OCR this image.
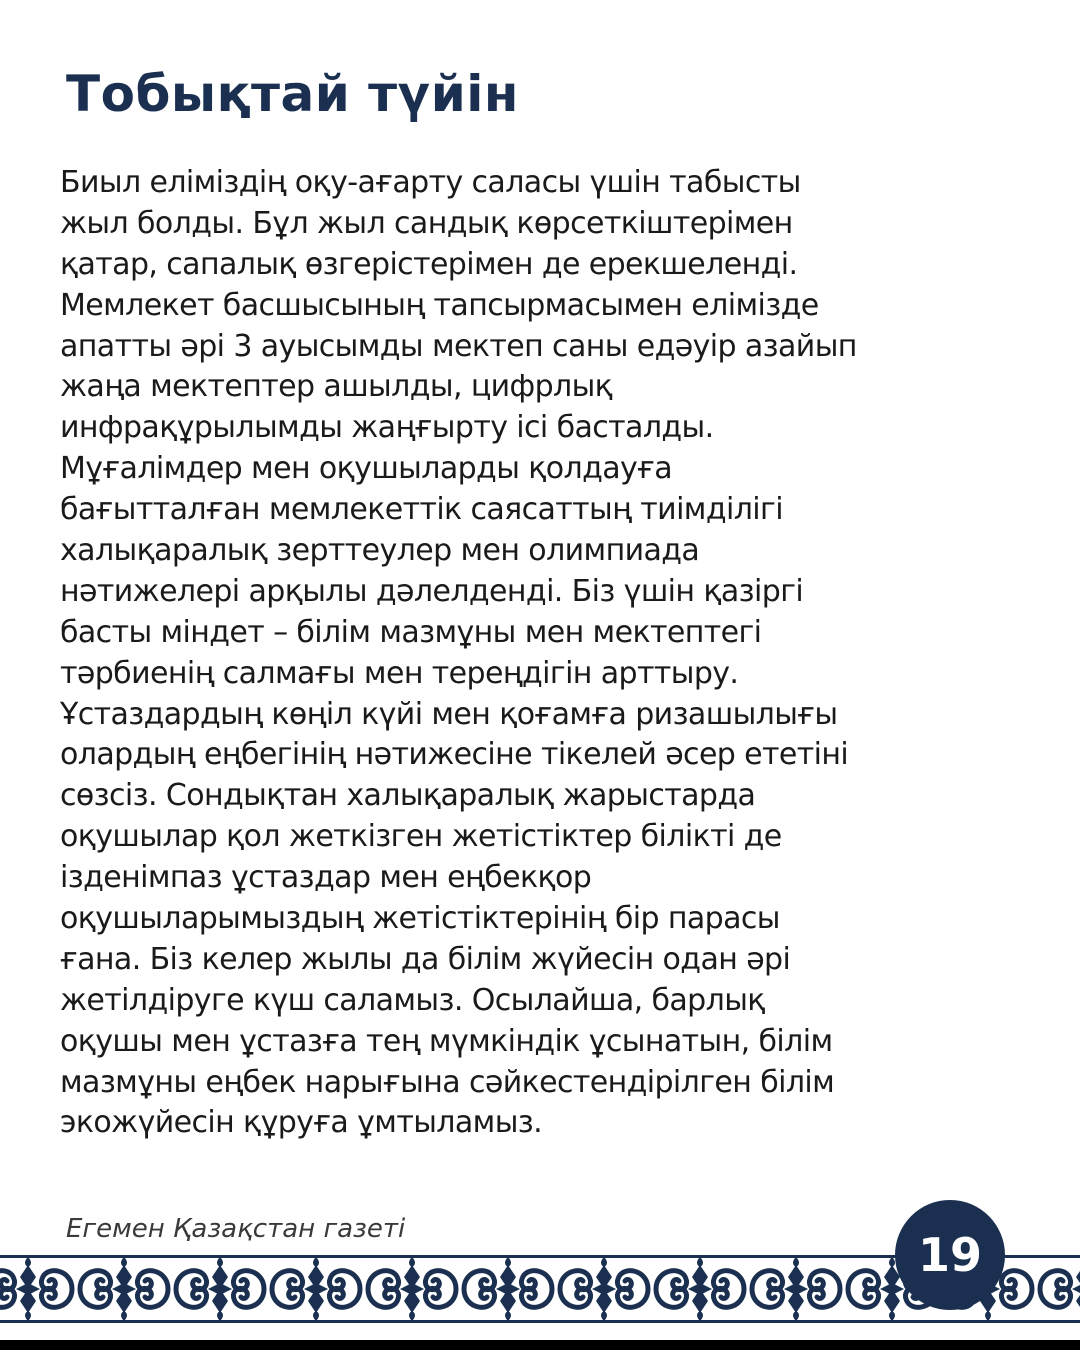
Тобықтай түйін
Биыл еліміздің оқу-ағарту саласы үшін табысты
жыл болды. Бұл жыл сандық көрсеткіштерімен
қатар, сапалық өзгерістерімен де ерекшеленді.
Мемлекет басшысының тапсырмасымен елімізде
апатты әрі 3 ауысымды мектеп саны едәуір азайып
жаңа мектептер ашылды, цифрлық
инфрақұрылымды жаңғырту ісі басталды.
Мұғалімдер мен оқушыларды қолдауға
бағытталған мемлекеттік саясаттың тиімділігі
халықаралық зерттеулер мен олимпиада
нәтижелері арқылы дәлелденді. Біз үшін қазіргі
басты міндет – білім мазмұны мен мектептегі
тәрбиенің салмағы мен тереңдігін арттыру.
Ұстаздардың көңіл күйі мен қоғамға ризашылығы
олардың еңбегінің нәтижесіне тікелей әсер ететіні
сөзсіз. Сондықтан халықаралық жарыстарда
оқушылар қол жеткізген жетістіктер білікті де
ізденімпаз ұстаздар мен еңбекқор
оқушыларымыздың жетістіктерінің бір парасы
ғана. Біз келер жылы да білім жүйесін одан әрі
жетілдіруге күш саламыз. Осылайша, барлық
оқушы мен ұстазға тең мүмкіндік ұсынатын, білім
мазмұны еңбек нарығына сәйкестендірілген білім
экожүйесін құруға ұмтыламыз.
Егемен Қазақстан газеті	19
